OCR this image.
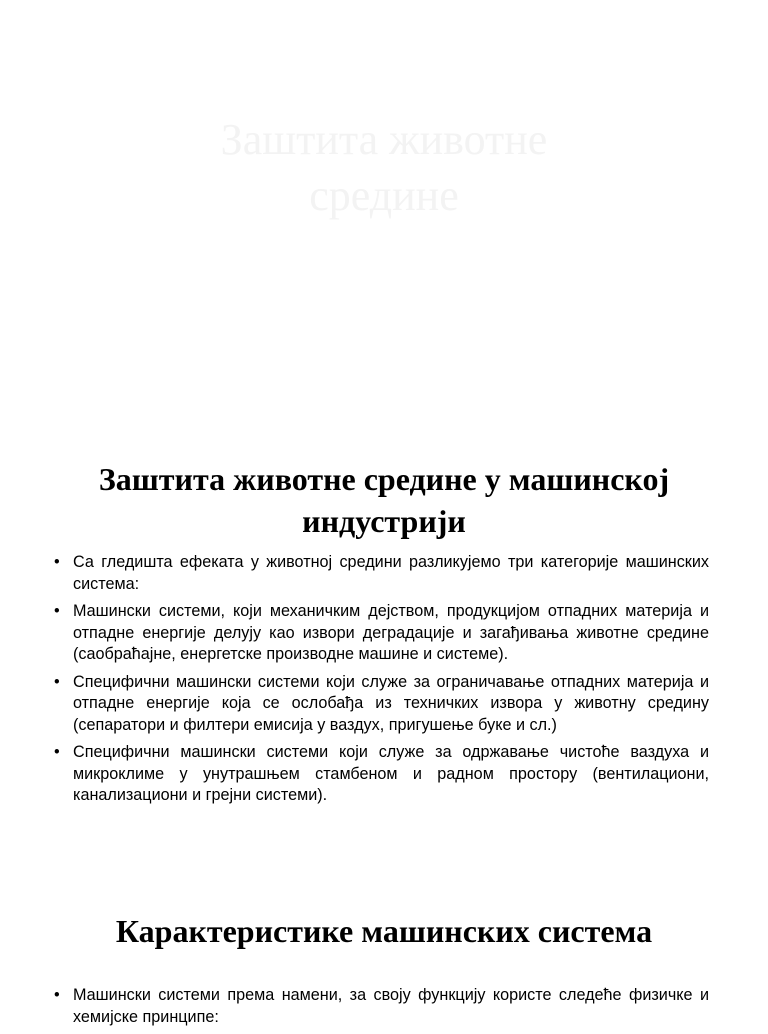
Заштита животне
средине
Заштита животне средине у машинској
индустрији
• Са гледишта ефеката у животној средини разликујемо три категорије машинских система:
• Машински системи, који механичким дејством, продукцијом отпадних материја и отпадне енергије делују као извори деградације и загађивања животне средине (саобраћајне, енергетске производне машине и системе).
• Специфични машински системи који служе за ограничавање отпадних материја и отпадне енергије која се ослобађа из техничких извора у животну средину (сепаратори и филтери емисија у ваздух, пригушење буке и сл.)
• Специфични машински системи који служе за одржавање чистоће ваздуха и микроклиме у унутрашњем стамбеном и радном простору (вентилациони, канализациони и грејни системи).
Карактеристике машинских система
• Машински системи према намени, за своју функцију користе следеће физичке и хемијске принципе:
